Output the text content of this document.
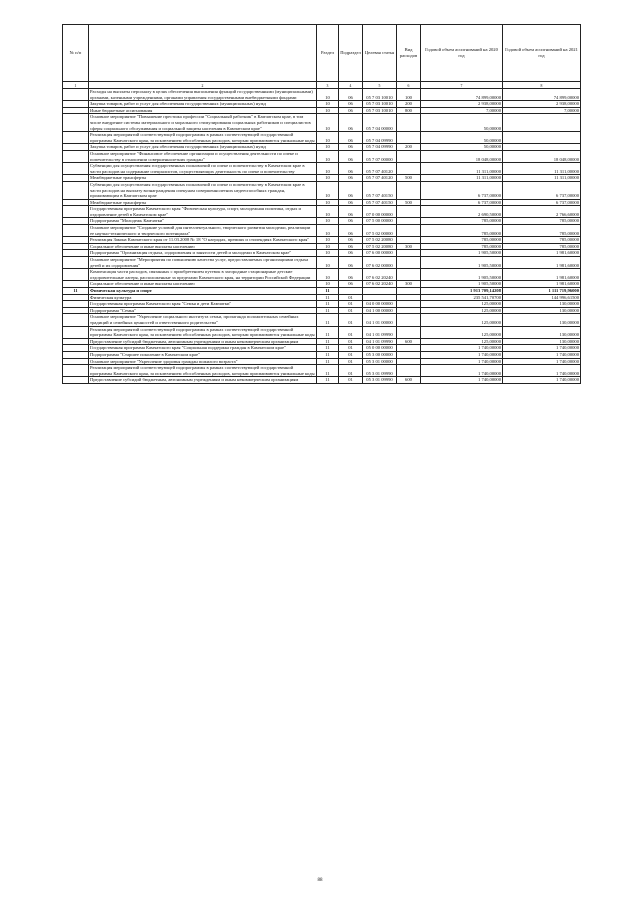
№ п/п		Раздел	Подраздел	Целевая статья	Вид расходов	Годовой объем ассигнований на 2020 год	Годовой объем ассигнований на 2021 год
1	2	3	4	5	6	7	8
	Расходы на выплаты персоналу в целях обеспечения выполнения функций государственными (муниципальными) органами, казенными учреждениями, органами управления государственными внебюджетными фондами	10	06	05 7 03 10010	100	74 899,00000	74 899,00000
	Закупка товаров, работ и услуг для обеспечения государственных (муниципальных) нужд	10	06	05 7 03 10010	200	2 938,00000	2 938,00000
	Иные бюджетные ассигнования	10	06	05 7 03 10010	800	7,00000	7,00000
	Основное мероприятие "Повышение престижа профессии "Социальный работник" в Камчатском крае, в том числе внедрение системы материального и морального стимулирования социальных работников и специалистов сферы социального обслуживания и социальной защиты населения в Камчатском крае"	10	06	05 7 04 00000		50,00000	
	Реализация мероприятий соответствующей подпрограммы в рамках соответствующей государственной программы Камчатского края, за исключением обособленных расходов, которым присваиваются уникальные коды	10	06	05 7 04 09990		50,00000	
	Закупка товаров, работ и услуг для обеспечения государственных (муниципальных) нужд	10	06	05 7 04 09990	200	50,00000	
	Основное мероприятие "Финансовое обеспечение организации и осуществления деятельности по опеке и попечительству в отношении совершеннолетних граждан"	10	06	05 7 07 00000		18 048,00000	18 048,00000
	Субвенции для осуществления государственных полномочий по опеке и попечительству в Камчатском крае в части расходов на содержание специалистов, осуществляющих деятельность по опеке и попечительству	10	06	05 7 07 40120		11 311,00000	11 311,00000
	Межбюджетные трансферты	10	06	05 7 07 40120	500	11 311,00000	11 311,00000
	Субвенции для осуществления государственных полномочий по опеке и попечительству в Камчатском крае в части расходов на выплату вознаграждения опекунам совершеннолетних недееспособных граждан, проживающим в Камчатском крае	10	06	05 7 07 40150		6 737,00000	6 737,00000
	Межбюджетные трансферты	10	06	05 7 07 40150	500	6 737,00000	6 737,00000
	Государственная программа Камчатского края "Физическая культура, спорт, молодежная политика, отдых и оздоровление детей в Камчатском крае"	10	06	07 0 00 00000		2 690,50000	2 766,60000
	Подпрограмма "Молодежь Камчатки"	10	06	07 5 00 00000		785,00000	785,00000
	Основное мероприятие "Создание условий для интеллектуального, творческого развития молодежи, реализации ее научно-технического и творческого потенциала"	10	06	07 5 02 00000		785,00000	785,00000
	Реализация Закона Камчатского края от 11.03.2008 № 18 "О наградах, премиях и стипендиях Камчатского края"	10	06	07 5 02 20080		785,00000	785,00000
	Социальное обеспечение и иные выплаты населению	10	06	07 5 02 20080	300	785,00000	785,00000
	Подпрограмма "Организация отдыха, оздоровления и занятости детей и молодежи в Камчатском крае"	10	06	07 6 00 00000		1 905,50000	1 981,60000
	Основное мероприятие "Мероприятия по повышению качества услуг, предоставляемых организациями отдыха детей и их оздоровления"	10	06	07 6 02 00000		1 905,50000	1 981,60000
	Компенсация части расходов, связанных с приобретением путевок в загородные стационарные детские оздоровительные лагеря, расположенные за пределами Камчатского края, на территории Российской Федерации	10	06	07 6 02 20240		1 905,50000	1 981,60000
	Социальное обеспечение и иные выплаты населению	10	06	07 6 02 20240	300	1 905,50000	1 981,60000
11	Физическая культура и спорт	11				1 913 709,14208	1 111 719,96000
	Физическая культура	11	01			235 541,70700	144 996,61500
	Государственная программа Камчатского края "Семья и дети Камчатки"	11	01	04 0 00 00000		125,00000	130,00000
	Подпрограмма "Семья"	11	01	04 1 00 00000		125,00000	130,00000
	Основное мероприятие "Укрепление социального института семьи, пропаганда положительных семейных традиций и семейных ценностей и ответственного родительства"	11	01	04 1 01 00000		125,00000	130,00000
	Реализация мероприятий соответствующей подпрограммы в рамках соответствующей государственной программы Камчатского края, за исключением обособленных расходов, которым присваиваются уникальные коды	11	01	04 1 01 09990		125,00000	130,00000
	Предоставление субсидий бюджетным, автономным учреждениям и иным некоммерческим организациям	11	01	04 1 01 09990	600	125,00000	130,00000
	Государственная программа Камчатского края "Социальная поддержка граждан в Камчатском крае"	11	01	05 0 00 00000		1 740,00000	1 740,00000
	Подпрограмма "Старшее поколение в Камчатском крае"	11	01	05 3 00 00000		1 740,00000	1 740,00000
	Основное мероприятие "Укрепление здоровья граждан пожилого возраста"	11	01	05 3 01 00000		1 740,00000	1 740,00000
	Реализация мероприятий соответствующей подпрограммы в рамках соответствующей государственной программы Камчатского края, за исключением обособленных расходов, которым присваиваются уникальные коды	11	01	05 3 01 09990		1 740,00000	1 740,00000
	Предоставление субсидий бюджетным, автономным учреждениям и иным некоммерческим организациям	11	01	05 3 01 09990	600	1 740,00000	1 740,00000
88
